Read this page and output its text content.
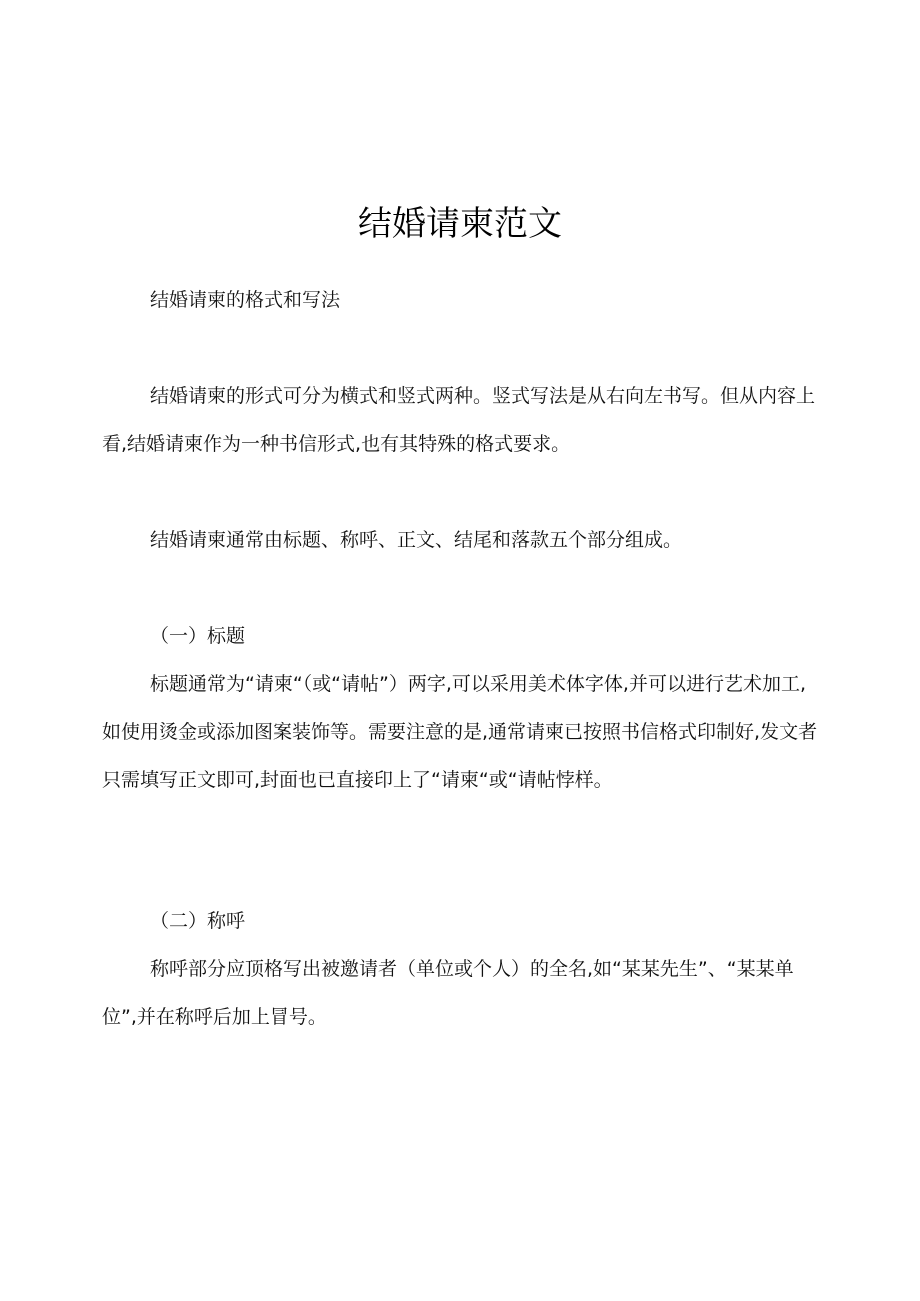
结婚请柬范文
结婚请柬的格式和写法

结婚请柬的形式可分为横式和竖式两种。竖式写法是从右向左书写。但从内容上看,结婚请柬作为一种书信形式,也有其特殊的格式要求。

结婚请柬通常由标题、称呼、正文、结尾和落款五个部分组成。

（一）标题

标题通常为“请柬“（或“请帖”）两字,可以采用美术体字体,并可以进行艺术加工,如使用烫金或添加图案装饰等。需要注意的是,通常请柬已按照书信格式印制好,发文者只需填写正文即可,封面也已直接印上了“请柬“或“请帖悖样。

（二）称呼

称呼部分应顶格写出被邀请者（单位或个人）的全名,如“某某先生”、“某某单位”,并在称呼后加上冒号。
